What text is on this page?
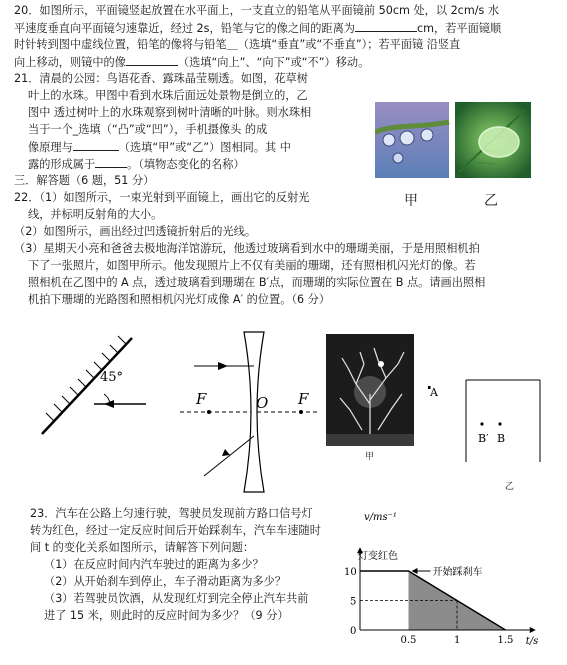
20．如图所示，平面镜竖起放置在水平面上，一支直立的铅笔从平面镜前 50cm 处，以 2cm/s 水
平速度垂直向平面镜匀速靠近，经过 2s，铅笔与它的像之间的距离为	cm，若平面镜顺
时针转到图中虚线位置，铅笔的像将与铅笔＿（选填“垂直”或“不垂直”）；若平面镜 沿竖直
向上移动，则镜中的像	（选填“向上”、“向下”或“不”）移动。
21．清晨的公园：鸟语花香、露珠晶莹剔透。如图，花草树
叶上的水珠。甲图中看到水珠后面远处景物是倒立的，乙
图中 透过树叶上的水珠观察到树叶清晰的叶脉。则水珠相
当于一个_选填（“凸”或“凹”），手机摄像头 的成
像原理与	（选填“甲”或“乙”）图相同。其 中
露的形成属于	。（填物态变化的名称）
甲	乙
三．解答题（6 题，51 分）
22．（1）如图所示，一束光射到平面镜上，画出它的反射光
线，并标明反射角的大小。
（2）如图所示，画出经过凹透镜折射后的光线。
（3）星期天小亮和爸爸去极地海洋馆游玩，他透过玻璃看到水中的珊瑚美丽，于是用照相机拍
下了一张照片，如图甲所示。他发现照片上不仅有美丽的珊瑚，还有照相机闪光灯的像。若
照相机在乙图中的 A 点，透过玻璃看到珊瑚在 B′点，而珊瑚的实际位置在 B 点。请画出照相
机拍下珊瑚的光路图和照相机闪光灯成像 A′ 的位置。（6 分）
45°
F	O F
甲
A
B′ B
乙
23．汽车在公路上匀速行驶，驾驶员发现前方路口信号灯
转为红色，经过一定反应时间后开始踩刹车，汽车车速随时
间 t 的变化关系如图所示，请解答下列问题：
（1）在反应时间内汽车驶过的距离为多少？
（2）从开始刹车到停止，车子滑动距离为多少？
（3）若驾驶员饮酒，从发现红灯到完全停止汽车共前
进了 15 米，则此时的反应时间为多少？（9 分）
v/ms⁻¹
t/s
0
5
10
0.5	1	1.5
灯变红色
开始踩刹车
